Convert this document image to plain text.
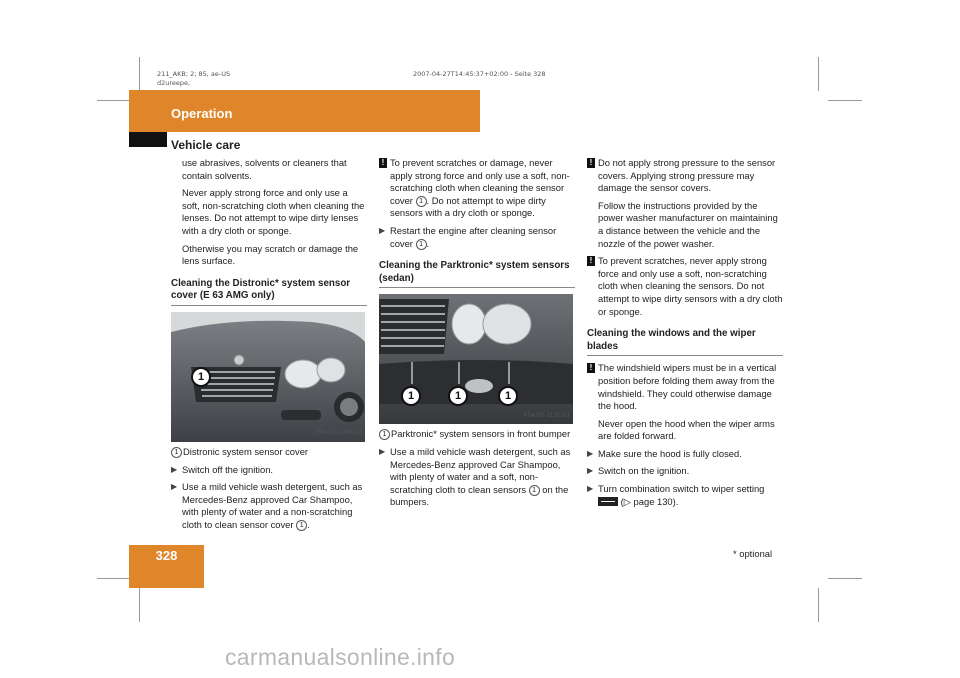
211_AKB; 2; 85, ae-US
d2ureepe,
2007-04-27T14:45:37+02:00 - Seite 328
Operation
Vehicle care
328

use abrasives, solvents or cleaners that contain solvents.

Never apply strong force and only use a soft, non-scratching cloth when cleaning the lenses. Do not attempt to wipe dirty lenses with a dry cloth or sponge.

Otherwise you may scratch or damage the lens surface.

Cleaning the Distronic* system sensor cover (E 63 AMG only)
1
P54.70-2380-31
1 Distronic system sensor cover
▶ Switch off the ignition.
▶ Use a mild vehicle wash detergent, such as Mercedes-Benz approved Car Shampoo, with plenty of water and a non-scratching cloth to clean sensor cover 1 .
! To prevent scratches or damage, never apply strong force and only use a soft, non-scratching cloth when cleaning the sensor cover 1 . Do not attempt to wipe dirty sensors with a dry cloth or sponge.
▶ Restart the engine after cleaning sensor cover 1 .
Cleaning the Parktronic* system sensors (sedan)
1	1	1
P54.65-3131-31
1 Parktronic* system sensors in front bumper
▶ Use a mild vehicle wash detergent, such as Mercedes-Benz approved Car Shampoo, with plenty of water and a soft, non-scratching cloth to clean sensors 1 on the bumpers.
! Do not apply strong pressure to the sensor covers. Applying strong pressure may damage the sensor covers.

Follow the instructions provided by the power washer manufacturer on maintaining a distance between the vehicle and the nozzle of the power washer.

! To prevent scratches, never apply strong force and only use a soft, non-scratching cloth when cleaning the sensors. Do not attempt to wipe dirty sensors with a dry cloth or sponge.
Cleaning the windows and the wiper blades
! The windshield wipers must be in a vertical position before folding them away from the windshield. They could otherwise damage the hood.

Never open the hood when the wiper arms are folded forward.

▶ Make sure the hood is fully closed.
▶ Switch on the ignition.
▶ Turn combination switch to wiper setting  (▷ page 130).
* optional
carmanualsonline.info
